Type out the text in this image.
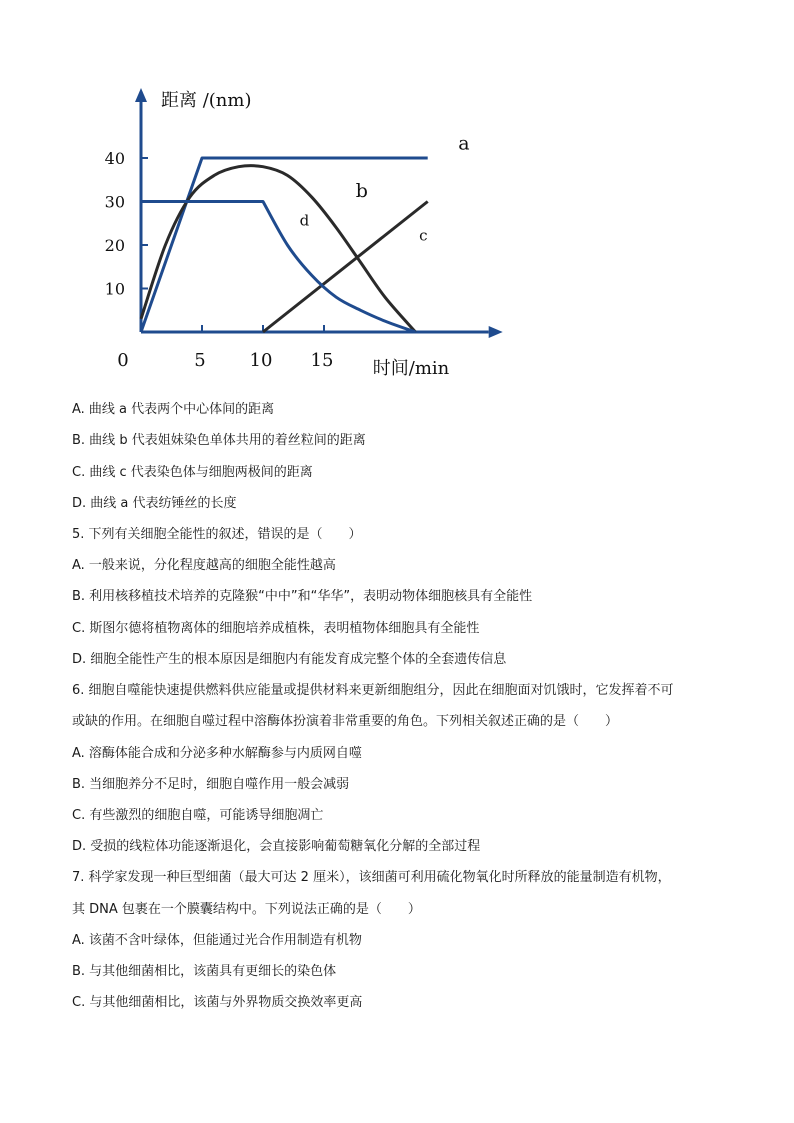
10
20
30
40
0	5 10 15
距离 /(nm)
时间/min
a
b
c
d
A. 曲线 a 代表两个中心体间的距离
B. 曲线 b 代表姐妹染色单体共用的着丝粒间的距离
C. 曲线 c 代表染色体与细胞两极间的距离
D. 曲线 a 代表纺锤丝的长度
5. 下列有关细胞全能性的叙述，错误的是（　　）
A. 一般来说，分化程度越高的细胞全能性越高
B. 利用核移植技术培养的克隆猴“中中”和“华华”，表明动物体细胞核具有全能性
C. 斯图尔德将植物离体的细胞培养成植株，表明植物体细胞具有全能性
D. 细胞全能性产生的根本原因是细胞内有能发育成完整个体的全套遗传信息
6. 细胞自噬能快速提供燃料供应能量或提供材料来更新细胞组分，因此在细胞面对饥饿时，它发挥着不可
或缺的作用。在细胞自噬过程中溶酶体扮演着非常重要的角色。下列相关叙述正确的是（　　）
A. 溶酶体能合成和分泌多种水解酶参与内质网自噬
B. 当细胞养分不足时，细胞自噬作用一般会减弱
C. 有些激烈的细胞自噬，可能诱导细胞凋亡
D. 受损的线粒体功能逐渐退化，会直接影响葡萄糖氧化分解的全部过程
7. 科学家发现一种巨型细菌（最大可达 2 厘米），该细菌可利用硫化物氧化时所释放的能量制造有机物，
其 DNA 包裹在一个膜囊结构中。下列说法正确的是（　　）
A. 该菌不含叶绿体，但能通过光合作用制造有机物
B. 与其他细菌相比，该菌具有更细长的染色体
C. 与其他细菌相比，该菌与外界物质交换效率更高
